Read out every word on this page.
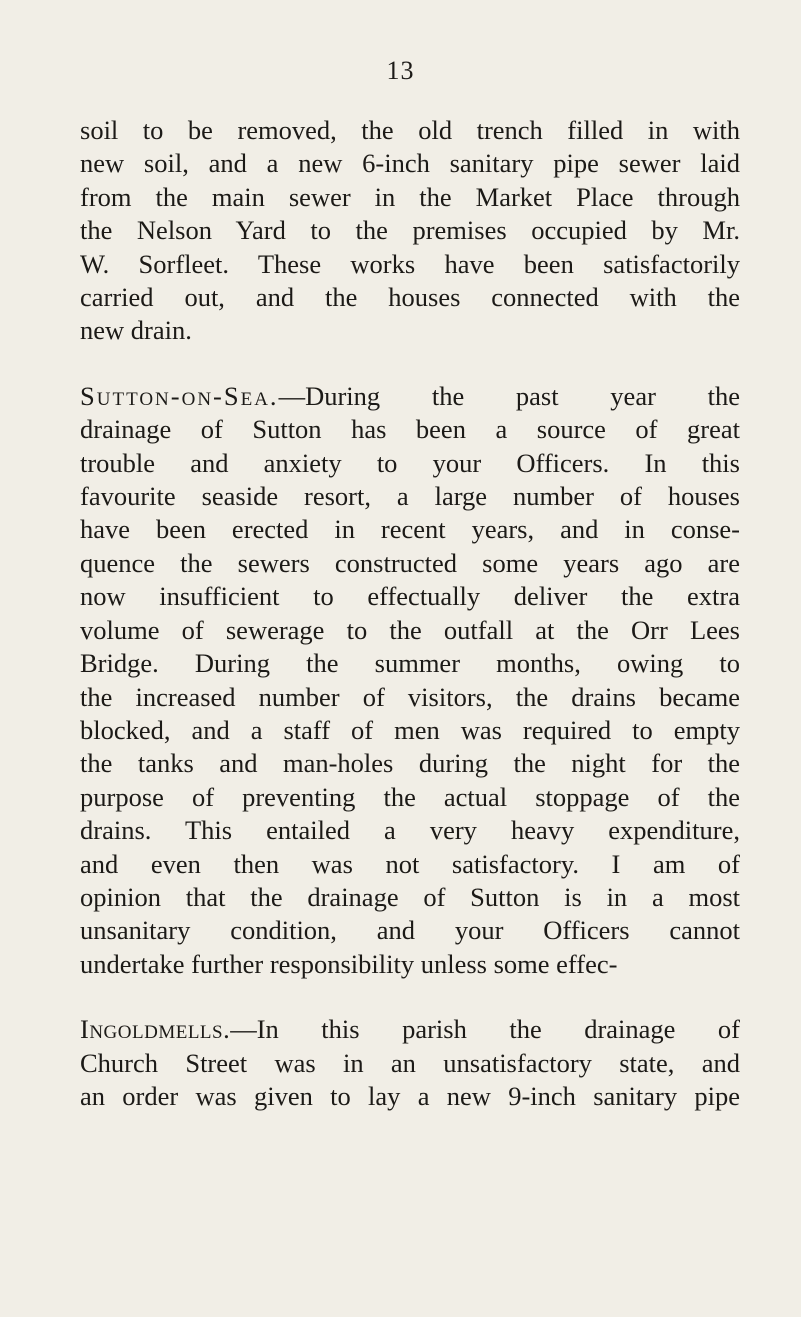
13
soil to be removed, the old trench filled in with
new soil, and a new 6-inch sanitary pipe sewer laid
from the main sewer in the Market Place through
the Nelson Yard to the premises occupied by Mr.
W. Sorfleet. These works have been satisfactorily
carried out, and the houses connected with the
new drain.
Sutton-on-Sea.—During the past year the
drainage of Sutton has been a source of great
trouble and anxiety to your Officers. In this
favourite seaside resort, a large number of houses
have been erected in recent years, and in conse-
quence the sewers constructed some years ago are
now insufficient to effectually deliver the extra
volume of sewerage to the outfall at the Orr Lees
Bridge. During the summer months, owing to
the increased number of visitors, the drains became
blocked, and a staff of men was required to empty
the tanks and man-holes during the night for the
purpose of preventing the actual stoppage of the
drains. This entailed a very heavy expenditure,
and even then was not satisfactory. I am of
opinion that the drainage of Sutton is in a most
unsanitary condition, and your Officers cannot
undertake further responsibility unless some effec-
Ingoldmells.—In this parish the drainage of
Church Street was in an unsatisfactory state, and
an order was given to lay a new 9-inch sanitary pipe
